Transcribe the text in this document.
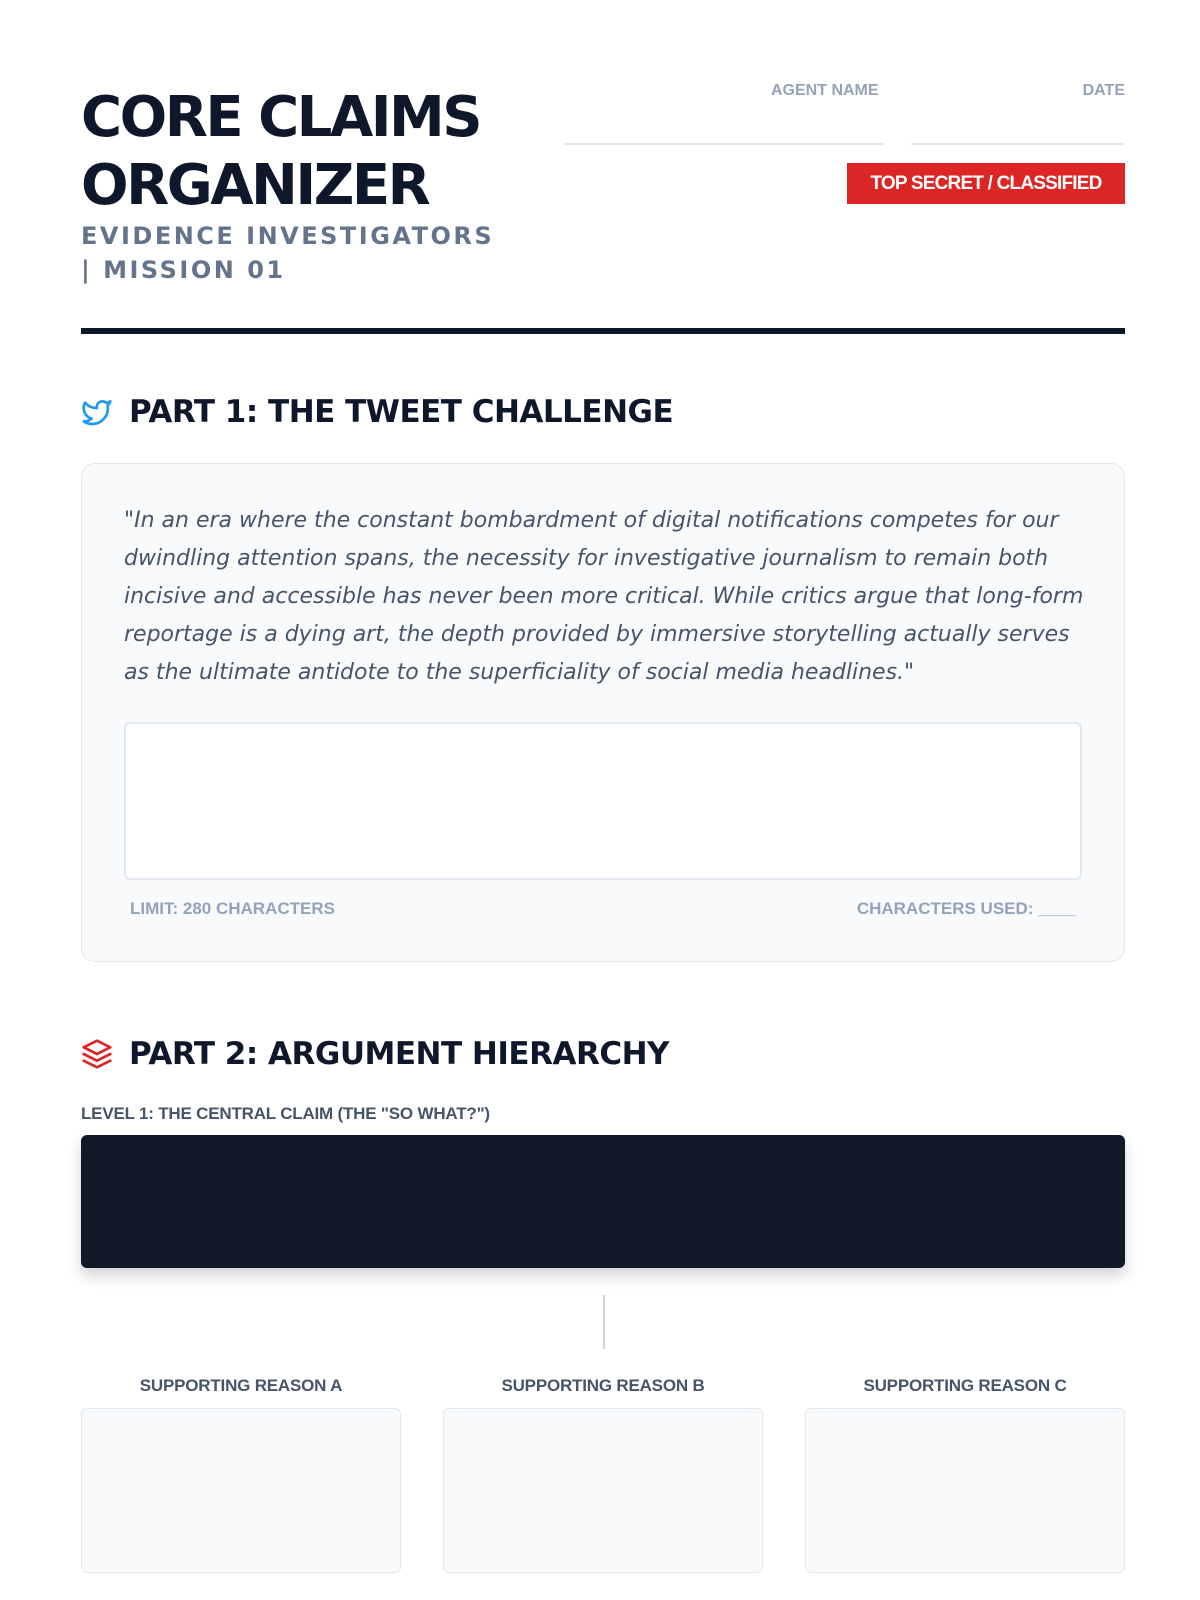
CORE CLAIMS ORGANIZER
EVIDENCE INVESTIGATORS | MISSION 01
AGENT NAME	DATE
TOP SECRET / CLASSIFIED
PART 1: THE TWEET CHALLENGE

"In an era where the constant bombardment of digital notifications competes for our dwindling attention spans, the necessity for investigative journalism to remain both incisive and accessible has never been more critical. While critics argue that long-form reportage is a dying art, the depth provided by immersive storytelling actually serves as the ultimate antidote to the superficiality of social media headlines."

LIMIT: 280 CHARACTERS	CHARACTERS USED: ____
PART 2: ARGUMENT HIERARCHY
LEVEL 1: THE CENTRAL CLAIM (THE "SO WHAT?")
SUPPORTING REASON A	SUPPORTING REASON B	SUPPORTING REASON C
